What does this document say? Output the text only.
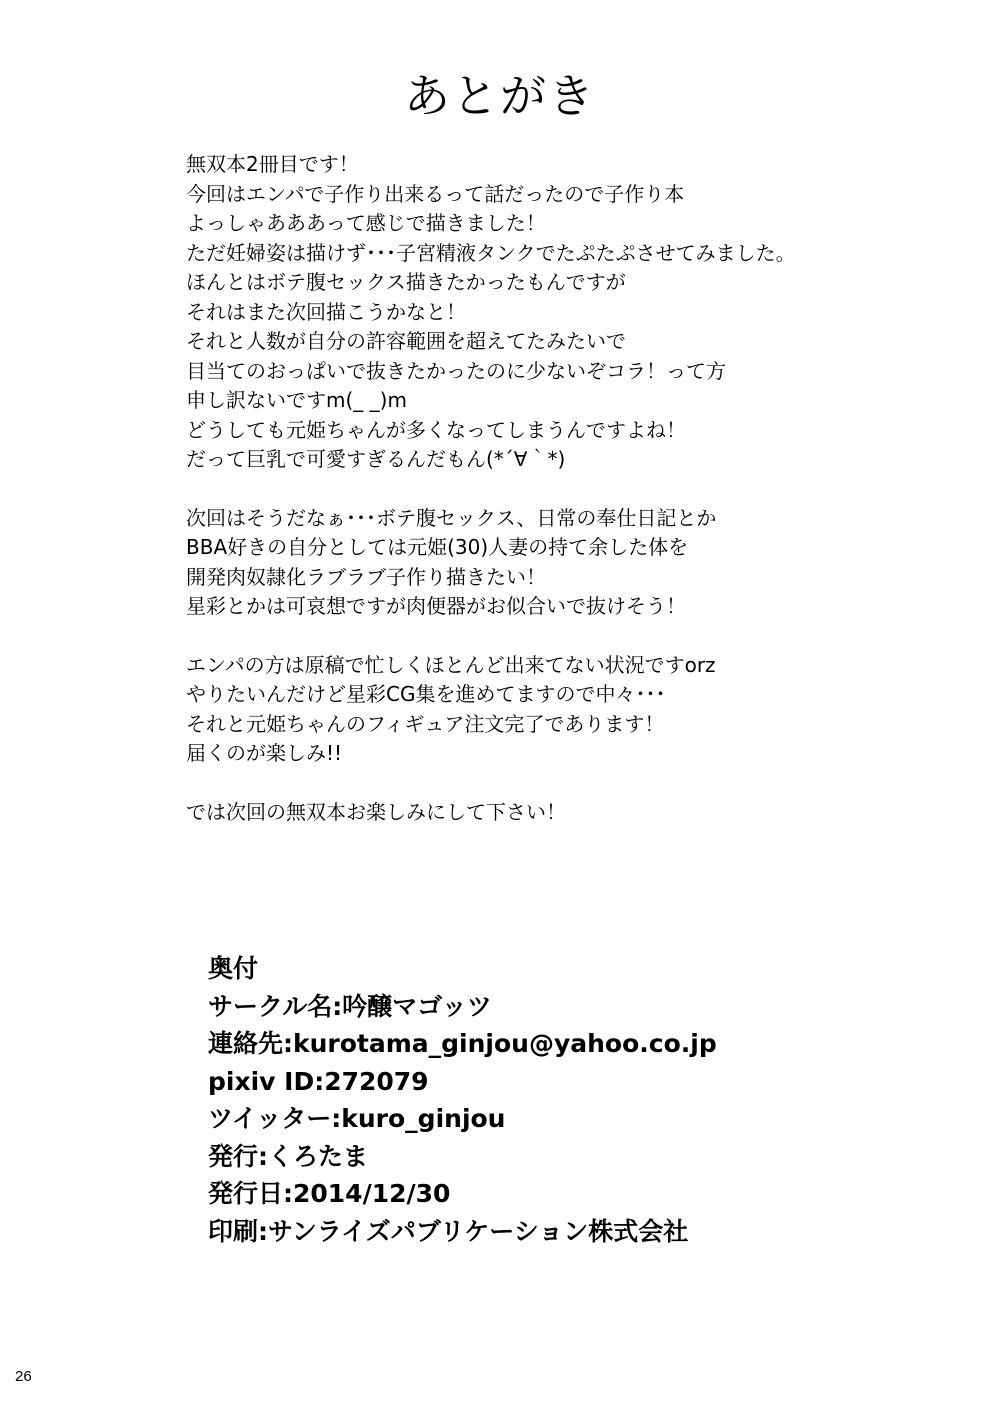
あとがき
無双本2冊目です！
今回はエンパで子作り出来るって話だったので子作り本
よっしゃあああって感じで描きました！
ただ妊婦姿は描けず･･･子宮精液タンクでたぷたぷさせてみました。
ほんとはボテ腹セックス描きたかったもんですが
それはまた次回描こうかなと！
それと人数が自分の許容範囲を超えてたみたいで
目当てのおっぱいで抜きたかったのに少ないぞコラ！って方
申し訳ないですm(_ _)m
どうしても元姫ちゃんが多くなってしまうんですよね！
だって巨乳で可愛すぎるんだもん(*´∀｀*)
次回はそうだなぁ･･･ボテ腹セックス、日常の奉仕日記とか
BBA好きの自分としては元姫(30)人妻の持て余した体を
開発肉奴隷化ラブラブ子作り描きたい！
星彩とかは可哀想ですが肉便器がお似合いで抜けそう！
エンパの方は原稿で忙しくほとんど出来てない状況ですorz
やりたいんだけど星彩CG集を進めてますので中々･･･
それと元姫ちゃんのフィギュア注文完了であります！
届くのが楽しみ!!
では次回の無双本お楽しみにして下さい！
奥付
サークル名:吟醸マゴッツ
連絡先:kurotama_ginjou@yahoo.co.jp
pixiv ID:272079
ツイッター:kuro_ginjou
発行:くろたま
発行日:2014/12/30
印刷:サンライズパブリケーション株式会社
26
